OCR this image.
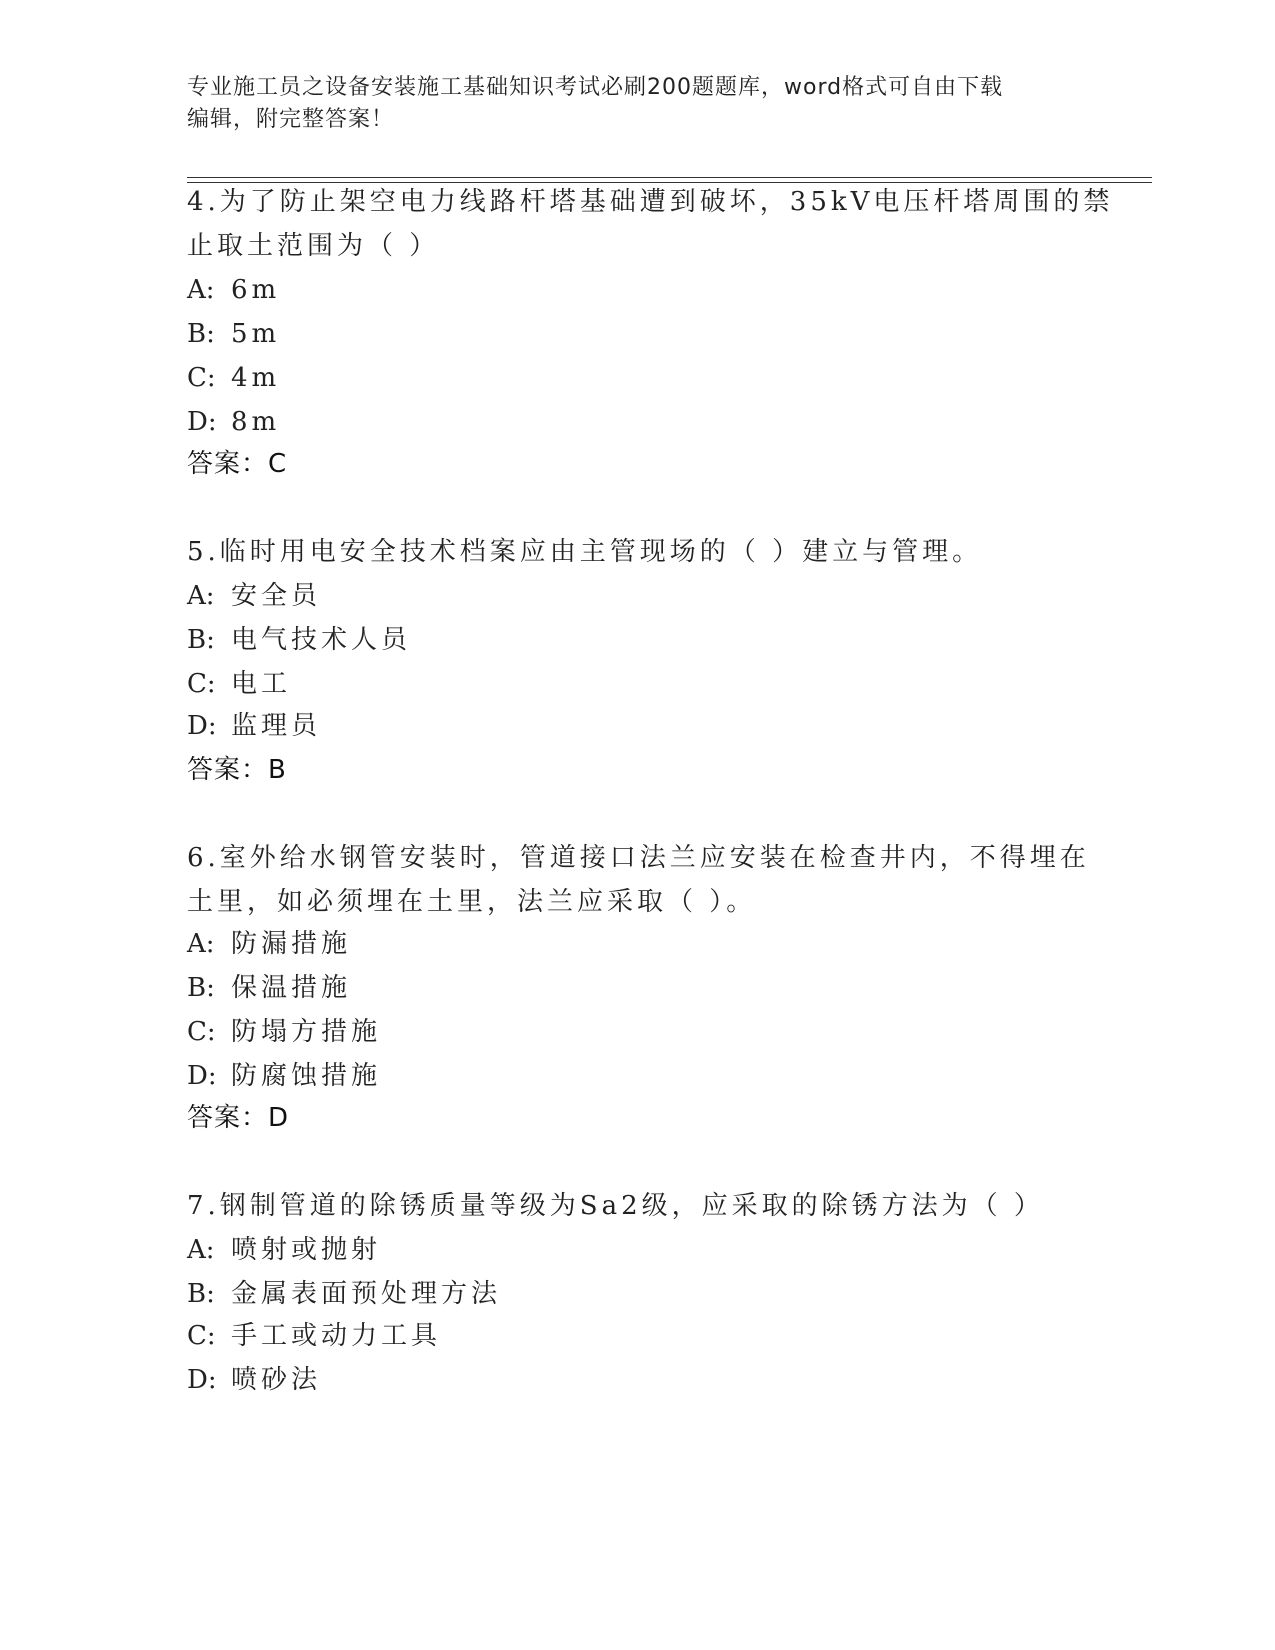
专业施工员之设备安装施工基础知识考试必刷200题题库，word格式可自由下载
编辑，附完整答案！
4.为了防止架空电力线路杆塔基础遭到破坏，35kV电压杆塔周围的禁
止取土范围为（ ）
A: 6m
B: 5m
C: 4m
D: 8m
答案：C
5.临时用电安全技术档案应由主管现场的（ ）建立与管理。
A: 安全员
B: 电气技术人员
C: 电工
D: 监理员
答案：B
6.室外给水钢管安装时，管道接口法兰应安装在检查井内，不得埋在
土里，如必须埋在土里，法兰应采取（ ）。
A: 防漏措施
B: 保温措施
C: 防塌方措施
D: 防腐蚀措施
答案：D
7.钢制管道的除锈质量等级为Sa2级，应采取的除锈方法为（ ）
A: 喷射或抛射
B: 金属表面预处理方法
C: 手工或动力工具
D: 喷砂法
